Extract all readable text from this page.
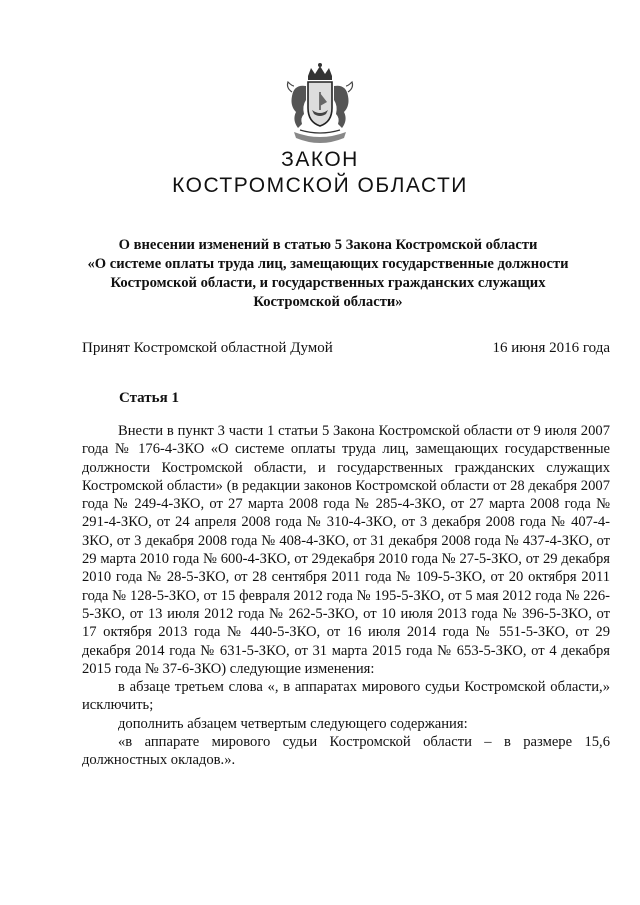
ЗАКОН
КОСТРОМСКОЙ ОБЛАСТИ
О внесении изменений в статью 5 Закона Костромской области
«О системе оплаты труда лиц, замещающих государственные должности
Костромской области, и государственных гражданских служащих
Костромской области»
Принят Костромской областной Думой	16 июня 2016 года
Статья 1

Внести в пункт 3 части 1 статьи 5 Закона Костромской области от 9 июля 2007 года № 176-4-ЗКО «О системе оплаты труда лиц, замещающих государственные должности Костромской области, и государственных гражданских служащих Костромской области» (в редакции законов Костромской области от 28 декабря 2007 года № 249-4-ЗКО, от 27 марта 2008 года № 285-4-ЗКО, от 27 марта 2008 года № 291-4-ЗКО, от 24 апреля 2008 года № 310-4-ЗКО, от 3 декабря 2008 года № 407-4-ЗКО, от 3 декабря 2008 года № 408-4-ЗКО, от 31 декабря 2008 года № 437-4-ЗКО, от 29 марта 2010 года № 600-4-ЗКО, от 29декабря 2010 года № 27-5-ЗКО, от 29 декабря 2010 года № 28-5-ЗКО, от 28 сентября 2011 года № 109-5-ЗКО, от 20 октября 2011 года № 128-5-ЗКО, от 15 февраля 2012 года № 195-5-ЗКО, от 5 мая 2012 года № 226-5-ЗКО, от 13 июля 2012 года № 262-5-ЗКО, от 10 июля 2013 года № 396-5-ЗКО, от 17 октября 2013 года № 440-5-ЗКО, от 16 июля 2014 года № 551-5-ЗКО, от 29 декабря 2014 года № 631-5-ЗКО, от 31 марта 2015 года № 653-5-ЗКО, от 4 декабря 2015 года № 37-6-ЗКО) следующие изменения:

в абзаце третьем слова «, в аппаратах мирового судьи Костромской области,» исключить;

дополнить абзацем четвертым следующего содержания:

«в аппарате мирового судьи Костромской области – в размере 15,6 должностных окладов.».
